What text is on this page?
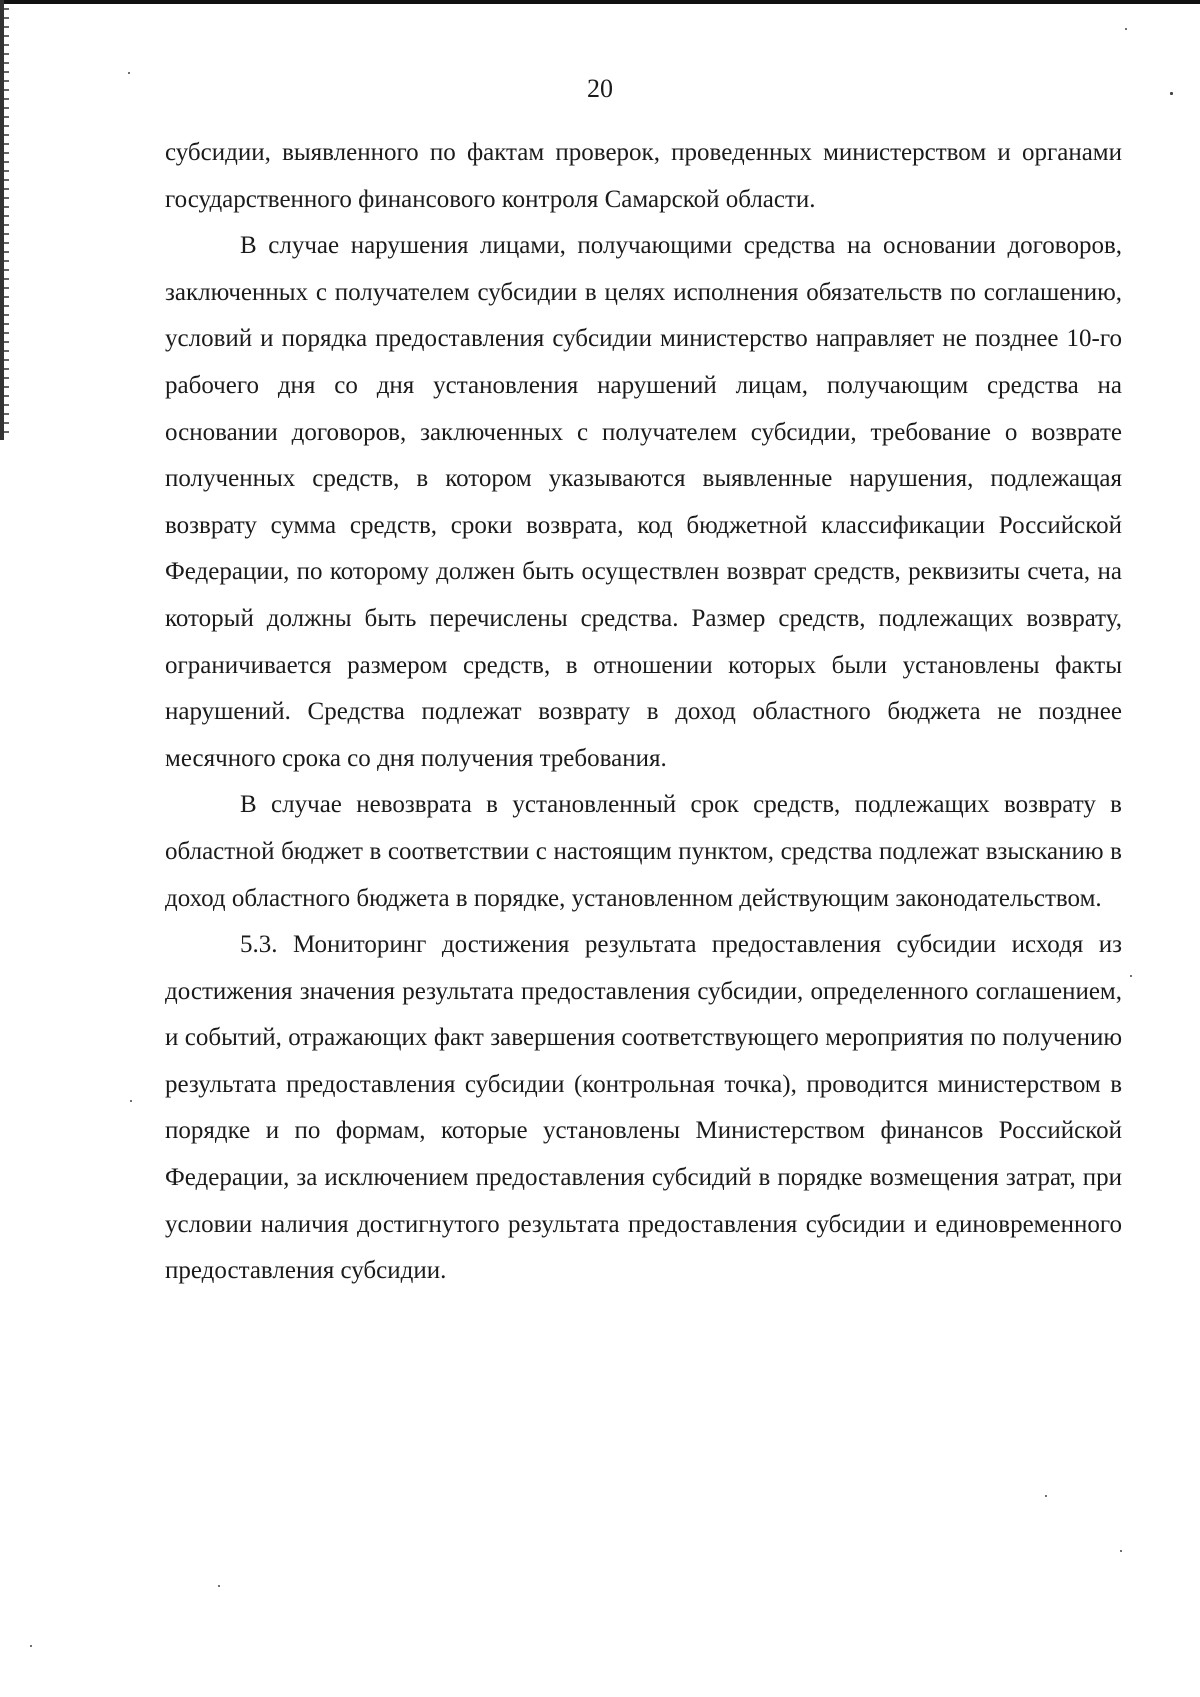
20

субсидии, выявленного по фактам проверок, проведенных министерством и органами государственного финансового контроля Самарской области.

В случае нарушения лицами, получающими средства на основании договоров, заключенных с получателем субсидии в целях исполнения обязательств по соглашению, условий и порядка предоставления субсидии министерство направляет не позднее 10-го рабочего дня со дня установления нарушений лицам, получающим средства на основании договоров, заключенных с получателем субсидии, требование о возврате полученных средств, в котором указываются выявленные нарушения, подлежащая возврату сумма средств, сроки возврата, код бюджетной классификации Российской Федерации, по которому должен быть осуществлен возврат средств, реквизиты счета, на который должны быть перечислены средства. Размер средств, подлежащих возврату, ограничивается размером средств, в отношении которых были установлены факты нарушений. Средства подлежат возврату в доход областного бюджета не позднее месячного срока со дня получения требования.

В случае невозврата в установленный срок средств, подлежащих возврату в областной бюджет в соответствии с настоящим пунктом, средства подлежат взысканию в доход областного бюджета в порядке, установленном действующим законодательством.

5.3. Мониторинг достижения результата предоставления субсидии исходя из достижения значения результата предоставления субсидии, определенного соглашением, и событий, отражающих факт завершения соответствующего мероприятия по получению результата предоставления субсидии (контрольная точка), проводится министерством в порядке и по формам, которые установлены Министерством финансов Российской Федерации, за исключением предоставления субсидий в порядке возмещения затрат, при условии наличия достигнутого результата предоставления субсидии и единовременного предоставления субсидии.
